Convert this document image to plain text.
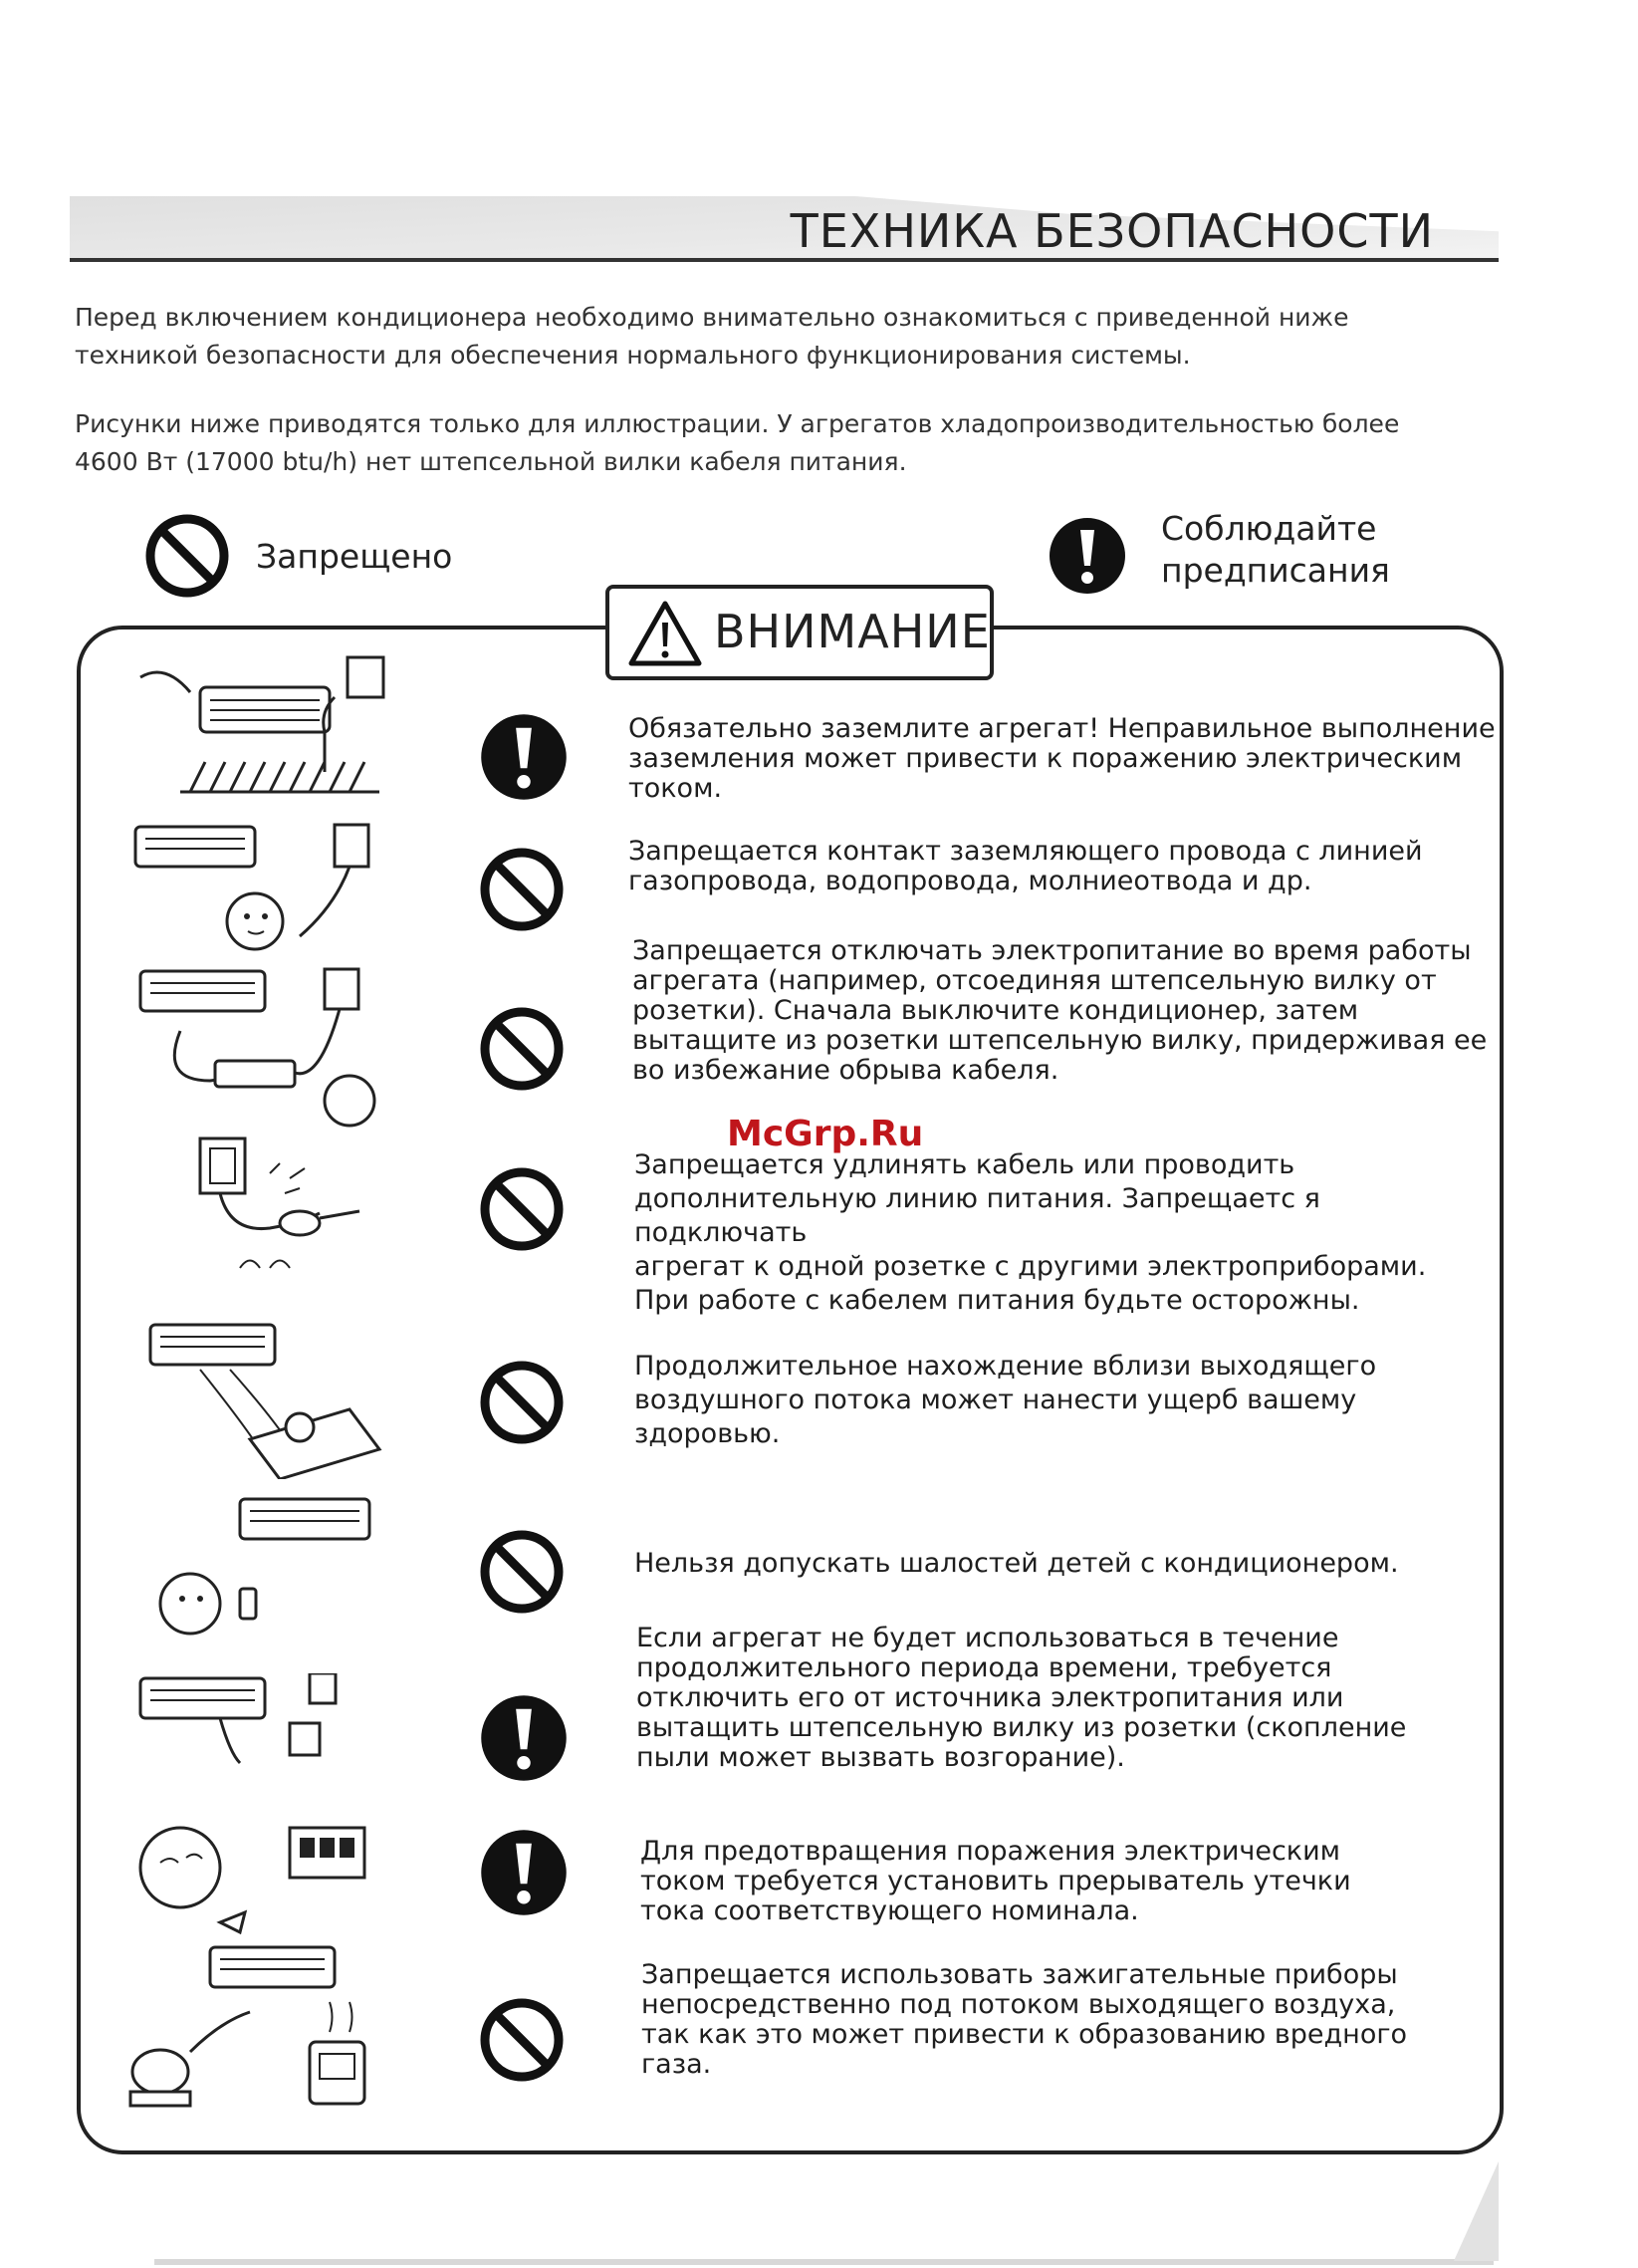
ТЕХНИКА БЕЗОПАСНОСТИ
Перед включением кондиционера необходимо внимательно ознакомиться с приведенной ниже техникой безопасности для обеспечения нормального функционирования системы.
Рисунки ниже приводятся только для иллюстрации. У агрегатов хладопроизводительностью более 4600 Вт (17000 btu/h) нет штепсельной вилки кабеля питания.
Запрещено
Соблюдайте
предписания
ВНИМАНИЕ
Обязательно заземлите агрегат! Неправильное выполнение
заземления может привести к поражению электрическим
током.
Запрещается контакт заземляющего провода с линией
газопровода, водопровода, молниеотвода и др.
Запрещается отключать электропитание во время работы
агрегата (например, отсоединяя штепсельную вилку от
розетки). Сначала выключите кондиционер, затем
вытащите из розетки штепсельную вилку, придерживая ее
во избежание обрыва кабеля.
McGrp.Ru
Запрещается удлинять кабель или проводить
дополнительную линию питания. Запрещаетс я подключать
агрегат к одной розетке с другими электроприборами.
При работе с кабелем питания будьте осторожны.
Продолжительное нахождение вблизи выходящего
воздушного потока может нанести ущерб вашему
здоровью.
Нельзя допускать шалостей детей с кондиционером.
Если агрегат не будет использоваться в течение
продолжительного периода времени, требуется
отключить его от источника электропитания или
вытащить штепсельную вилку из розетки (скопление
пыли может вызвать возгорание).
Для предотвращения поражения электрическим
током требуется установить прерыватель утечки
тока соответствующего номинала.
Запрещается использовать зажигательные приборы
непосредственно под потоком выходящего воздуха,
так как это может привести к образованию вредного
газа.
